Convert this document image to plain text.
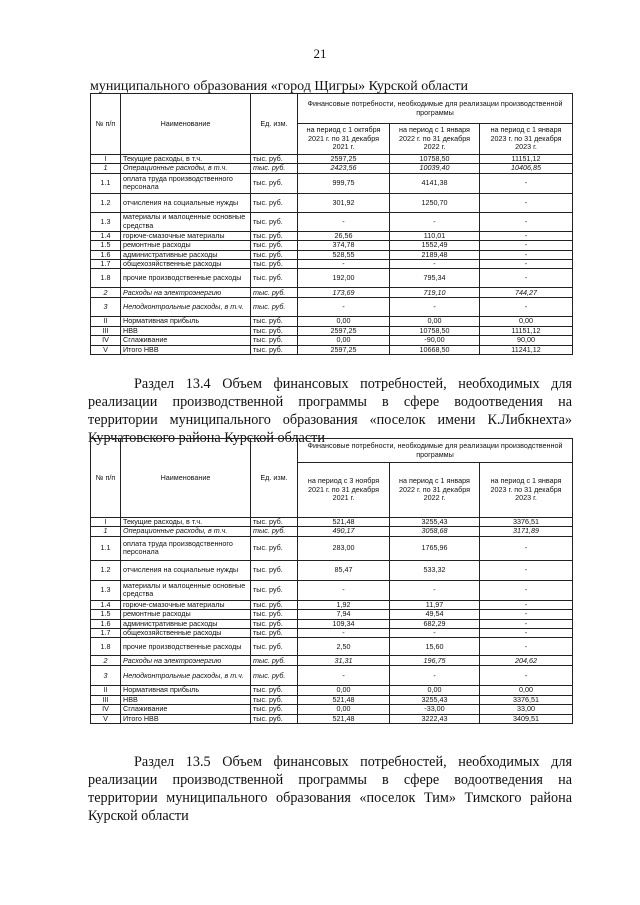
21
муниципального образования «город Щигры» Курской области
№ п/п	Наименование	Ед. изм.	Финансовые потребности, необходимые для реализации производственной программы		
			на период с 1 октября 2021 г. по 31 декабря 2021 г.	на период с 1 января 2022 г. по 31 декабря 2022 г.	на период с 1 января 2023 г. по 31 декабря 2023 г.
I	Текущие расходы, в т.ч.	тыс. руб.	2597,25	10758,50	11151,12
1	Операционные расходы, в т.ч.	тыс. руб.	2423,56	10039,40	10406,85
1.1	оплата труда производственного персонала	тыс. руб.	999,75	4141,38	-
1.2	отчисления на социальные нужды	тыс. руб.	301,92	1250,70	-
1.3	материалы и малоценные основные средства	тыс. руб.	-	-	-
1.4	горюче-смазочные материалы	тыс. руб.	26,56	110,01	-
1.5	ремонтные расходы	тыс. руб.	374,78	1552,49	-
1.6	административные расходы	тыс. руб.	528,55	2189,48	-
1.7	общехозяйственные расходы	тыс. руб.	-	-	-
1.8	прочие производственные расходы	тыс. руб.	192,00	795,34	-
2	Расходы на электроэнергию	тыс. руб.	173,69	719,10	744,27
3	Неподконтрольные расходы, в т.ч.	тыс. руб.	-	-	-
II	Нормативная прибыль	тыс. руб.	0,00	0,00	0,00
III	НВВ	тыс. руб.	2597,25	10758,50	11151,12
IV	Сглаживание	тыс. руб.	0,00	-90,00	90,00
V	Итого НВВ	тыс. руб.	2597,25	10668,50	11241,12
Раздел 13.4 Объем финансовых потребностей, необходимых для реализации производственной программы в сфере водоотведения на территории муниципального образования «поселок имени К.Либкнехта» Курчатовского района Курской области
№ п/п	Наименование	Ед. изм.	Финансовые потребности, необходимые для реализации производственной программы		
			на период с 3 ноября 2021 г. по 31 декабря 2021 г.	на период с 1 января 2022 г. по 31 декабря 2022 г.	на период с 1 января 2023 г. по 31 декабря 2023 г.
I	Текущие расходы, в т.ч.	тыс. руб.	521,48	3255,43	3376,51
1	Операционные расходы, в т.ч.	тыс. руб.	490,17	3058,68	3171,89
1.1	оплата труда производственного персонала	тыс. руб.	283,00	1765,96	-
1.2	отчисления на социальные нужды	тыс. руб.	85,47	533,32	-
1.3	материалы и малоценные основные средства	тыс. руб.	-	-	-
1.4	горюче-смазочные материалы	тыс. руб.	1,92	11,97	-
1.5	ремонтные расходы	тыс. руб.	7,94	49,54	-
1.6	административные расходы	тыс. руб.	109,34	682,29	-
1.7	общехозяйственные расходы	тыс. руб.	-	-	-
1.8	прочие производственные расходы	тыс. руб.	2,50	15,60	-
2	Расходы на электроэнергию	тыс. руб.	31,31	196,75	204,62
3	Неподконтрольные расходы, в т.ч.	тыс. руб.	-	-	-
II	Нормативная прибыль	тыс. руб.	0,00	0,00	0,00
III	НВВ	тыс. руб.	521,48	3255,43	3376,51
IV	Сглаживание	тыс. руб.	0,00	-33,00	33,00
V	Итого НВВ	тыс. руб.	521,48	3222,43	3409,51
Раздел 13.5 Объем финансовых потребностей, необходимых для реализации производственной программы в сфере водоотведения на территории муниципального образования «поселок Тим» Тимского района Курской области
